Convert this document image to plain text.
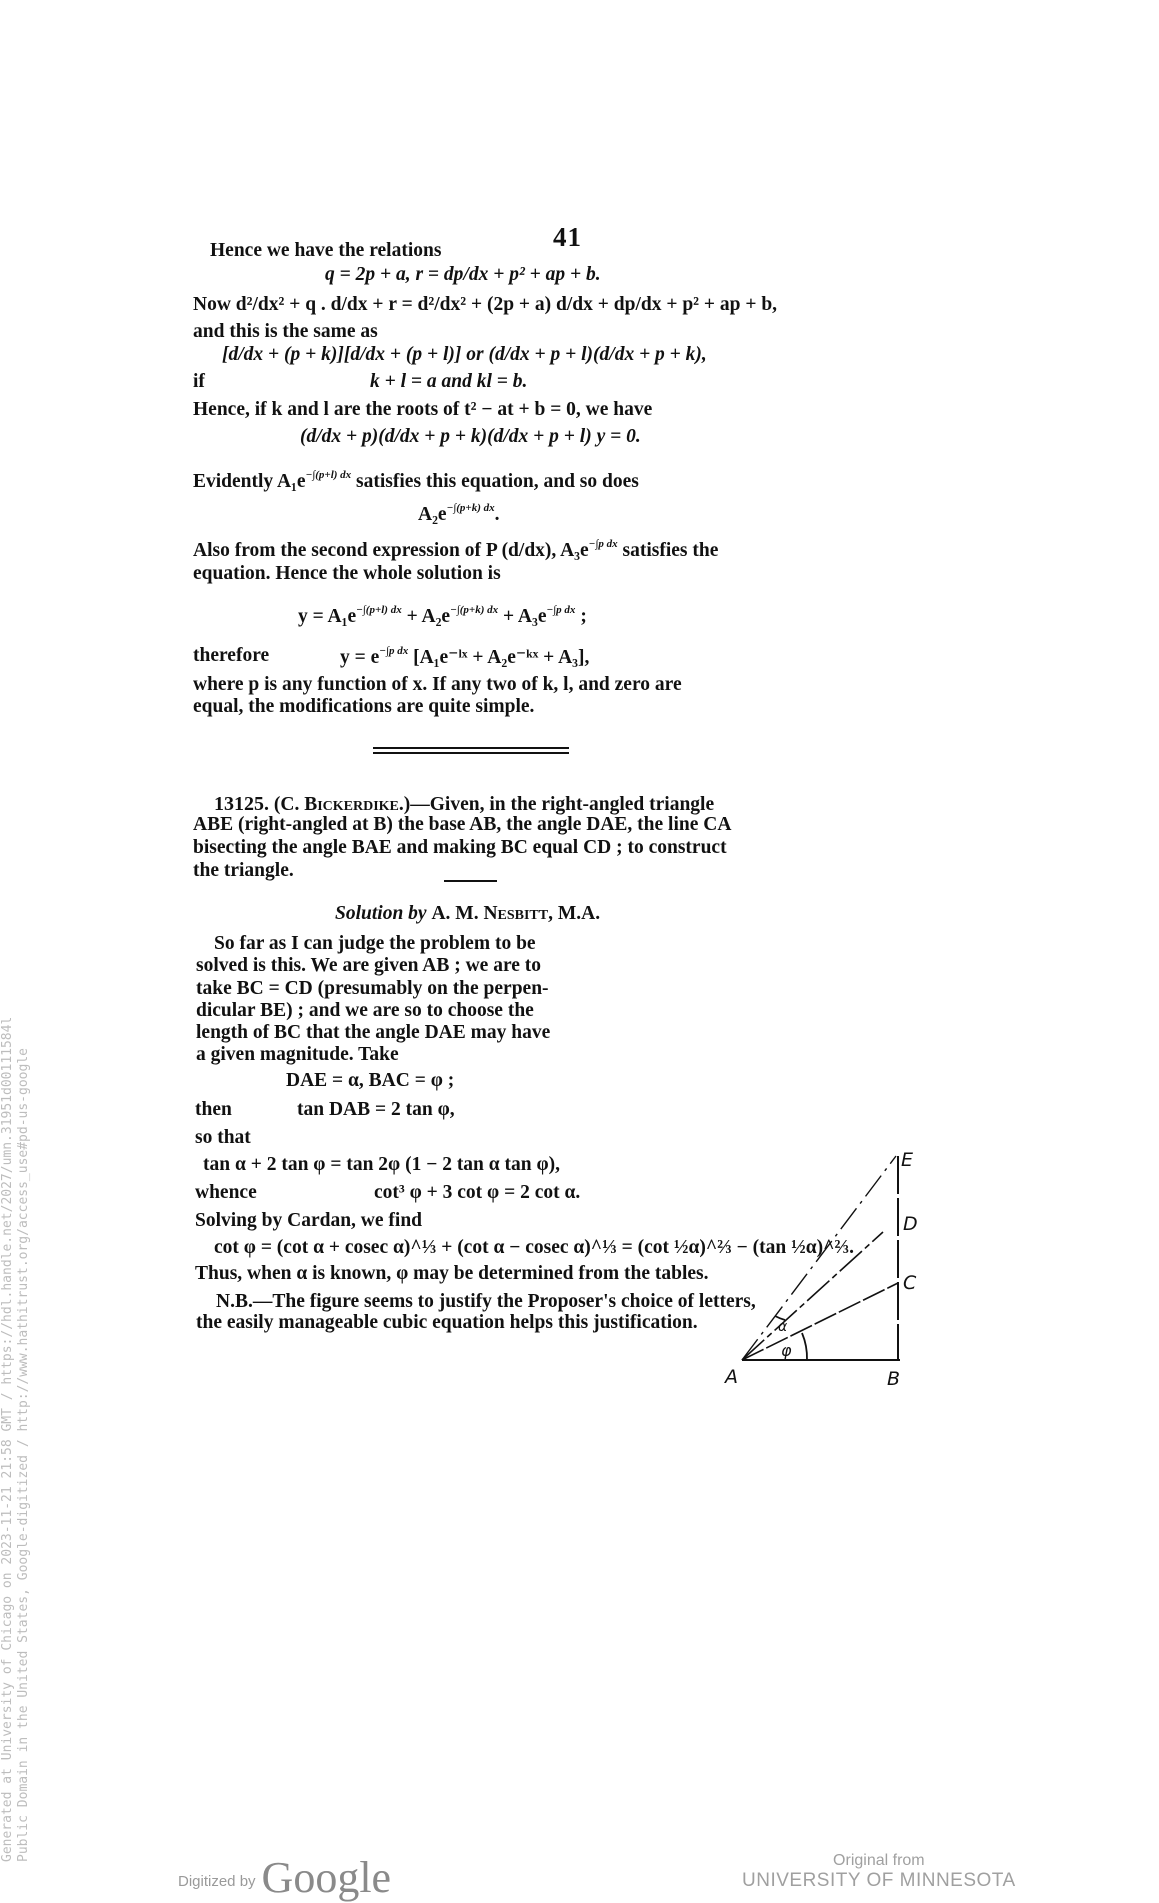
41
Hence we have the relations
q = 2p + a, r = dp/dx + p² + ap + b.
Now d²/dx² + q . d/dx + r = d²/dx² + (2p + a) d/dx + dp/dx + p² + ap + b,
and this is the same as
[d/dx + (p + k)][d/dx + (p + l)] or (d/dx + p + l)(d/dx + p + k),
if	k + l = a and kl = b.
Hence, if k and l are the roots of t² − at + b = 0, we have
(d/dx + p)(d/dx + p + k)(d/dx + p + l) y = 0.
Evidently $A_1e^{-\int(p+l) dx}$ satisfies this equation, and so does
$A_2e^{-\int(p+k) dx}$.
Also from the second expression of P (d/dx), $A_3e^{-\int p dx}$ satisfies the
equation. Hence the whole solution is
$y = A_1e^{-\int(p+l) dx} + A_2e^{-\int(p+k) dx} + A_3e^{-\int p dx}$ ;
therefore	$y = e^{-\int p dx}$ [A₁e⁻ˡˣ + A₂e⁻ᵏˣ + A₃],
where p is any function of x. If any two of k, l, and zero are
equal, the modifications are quite simple.
13125. (C. Bickerdike.)—Given, in the right-angled triangle
ABE (right-angled at B) the base AB, the angle DAE, the line CA
bisecting the angle BAE and making BC equal CD ; to construct
the triangle.
Solution by A. M. Nesbitt, M.A.
So far as I can judge the problem to be
solved is this. We are given AB ; we are to
take BC = CD (presumably on the perpen-
dicular BE) ; and we are so to choose the
length of BC that the angle DAE may have
a given magnitude. Take
DAE = α, BAC = φ ;
then	tan DAB = 2 tan φ,
so that
tan α + 2 tan φ = tan 2φ (1 − 2 tan α tan φ),
whence	cot³ φ + 3 cot φ = 2 cot α.
Solving by Cardan, we find
cot φ = (cot α + cosec α)^⅓ + (cot α − cosec α)^⅓ = (cot ½α)^⅔ − (tan ½α)^⅔.
Thus, when α is known, φ may be determined from the tables.
N.B.—The figure seems to justify the Proposer's choice of letters,
the easily manageable cubic equation helps this justification.
A	B
C
D
E
φ
α
Generated at University of Chicago on 2023-11-21 21:58 GMT / https://hdl.handle.net/2027/umn.31951d00111584l Public Domain in the United States, Google-digitized / http://www.hathitrust.org/access_use#pd-us-google
Digitized by Google	Original from
UNIVERSITY OF MINNESOTA
